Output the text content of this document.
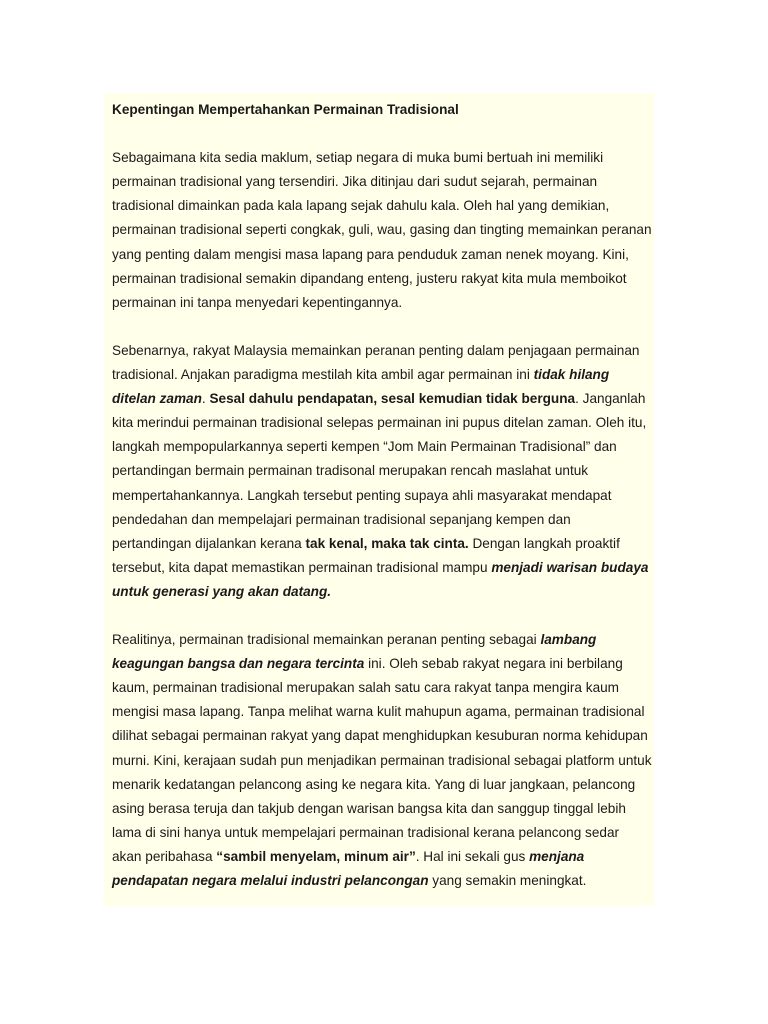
Kepentingan Mempertahankan Permainan Tradisional

Sebagaimana kita sedia maklum, setiap negara di muka bumi bertuah ini memiliki permainan tradisional yang tersendiri. Jika ditinjau dari sudut sejarah, permainan tradisional dimainkan pada kala lapang sejak dahulu kala. Oleh hal yang demikian, permainan tradisional seperti congkak, guli, wau, gasing dan tingting memainkan peranan yang penting dalam mengisi masa lapang para penduduk zaman nenek moyang. Kini, permainan tradisional semakin dipandang enteng, justeru rakyat kita mula memboikot permainan ini tanpa menyedari kepentingannya.

Sebenarnya, rakyat Malaysia memainkan peranan penting dalam penjagaan permainan tradisional. Anjakan paradigma mestilah kita ambil agar permainan ini tidak hilang ditelan zaman. Sesal dahulu pendapatan, sesal kemudian tidak berguna. Janganlah kita merindui permainan tradisional selepas permainan ini pupus ditelan zaman. Oleh itu, langkah mempopularkannya seperti kempen “Jom Main Permainan Tradisional” dan pertandingan bermain permainan tradisonal merupakan rencah maslahat untuk mempertahankannya. Langkah tersebut penting supaya ahli masyarakat mendapat pendedahan dan mempelajari permainan tradisional sepanjang kempen dan pertandingan dijalankan kerana tak kenal, maka tak cinta. Dengan langkah proaktif tersebut, kita dapat memastikan permainan tradisional mampu menjadi warisan budaya untuk generasi yang akan datang.

Realitinya, permainan tradisional memainkan peranan penting sebagai lambang keagungan bangsa dan negara tercinta ini. Oleh sebab rakyat negara ini berbilang kaum, permainan tradisional merupakan salah satu cara rakyat tanpa mengira kaum mengisi masa lapang. Tanpa melihat warna kulit mahupun agama, permainan tradisional dilihat sebagai permainan rakyat yang dapat menghidupkan kesuburan norma kehidupan murni. Kini, kerajaan sudah pun menjadikan permainan tradisional sebagai platform untuk menarik kedatangan pelancong asing ke negara kita. Yang di luar jangkaan, pelancong asing berasa teruja dan takjub dengan warisan bangsa kita dan sanggup tinggal lebih lama di sini hanya untuk mempelajari permainan tradisional kerana pelancong sedar akan peribahasa “sambil menyelam, minum air”. Hal ini sekali gus menjana pendapatan negara melalui industri pelancongan yang semakin meningkat.
